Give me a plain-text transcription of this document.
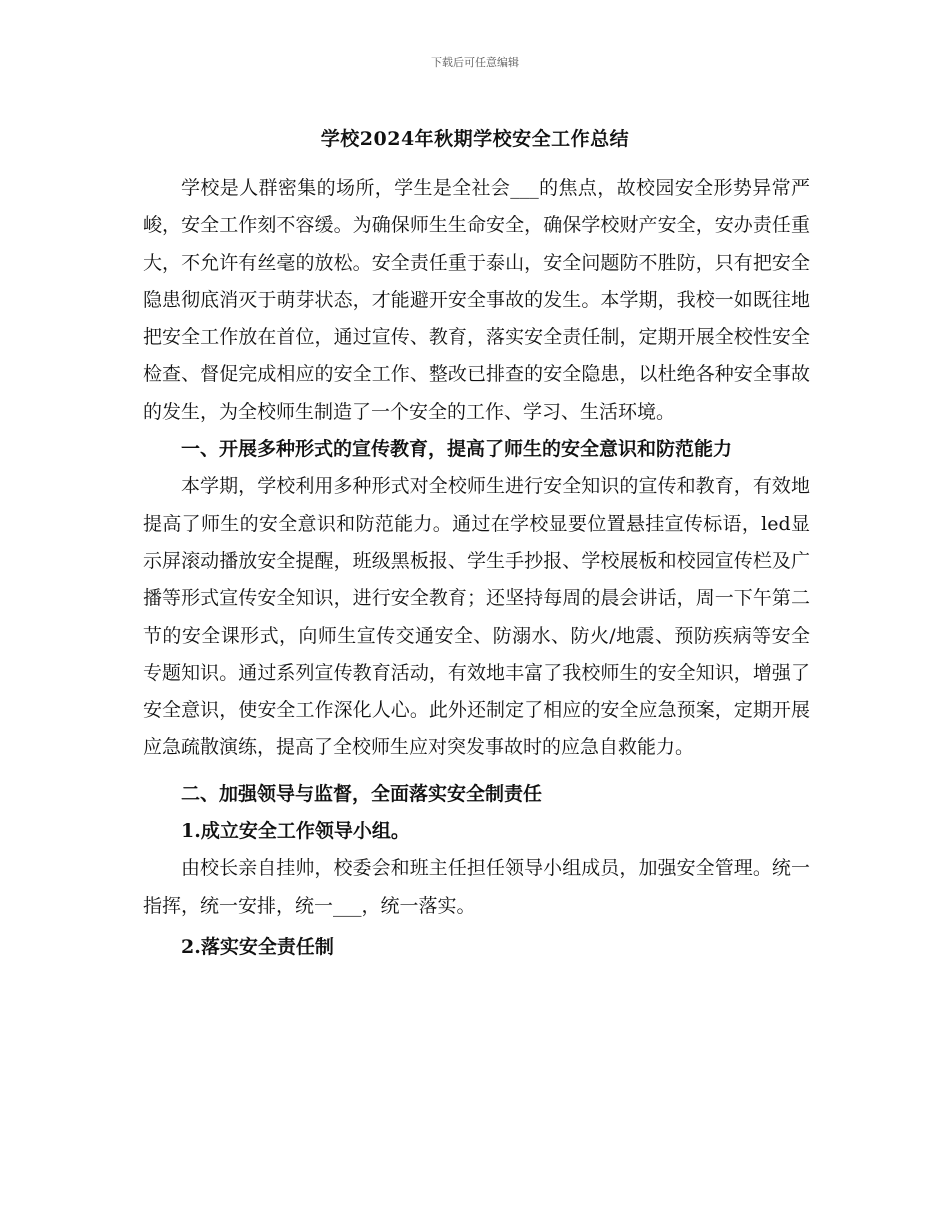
下载后可任意编辑
学校2024年秋期学校安全工作总结

学校是人群密集的场所，学生是全社会___的焦点，故校园安全形势异常严峻，安全工作刻不容缓。为确保师生生命安全，确保学校财产安全，安办责任重大，不允许有丝毫的放松。安全责任重于泰山，安全问题防不胜防，只有把安全隐患彻底消灭于萌芽状态，才能避开安全事故的发生。本学期，我校一如既往地把安全工作放在首位，通过宣传、教育，落实安全责任制，定期开展全校性安全检查、督促完成相应的安全工作、整改已排查的安全隐患，以杜绝各种安全事故的发生，为全校师生制造了一个安全的工作、学习、生活环境。

一、开展多种形式的宣传教育，提高了师生的安全意识和防范能力

本学期，学校利用多种形式对全校师生进行安全知识的宣传和教育，有效地提高了师生的安全意识和防范能力。通过在学校显要位置悬挂宣传标语，led显示屏滚动播放安全提醒，班级黑板报、学生手抄报、学校展板和校园宣传栏及广播等形式宣传安全知识，进行安全教育；还坚持每周的晨会讲话，周一下午第二节的安全课形式，向师生宣传交通安全、防溺水、防火/地震、预防疾病等安全专题知识。通过系列宣传教育活动，有效地丰富了我校师生的安全知识，增强了安全意识，使安全工作深化人心。此外还制定了相应的安全应急预案，定期开展应急疏散演练，提高了全校师生应对突发事故时的应急自救能力。

二、加强领导与监督，全面落实安全制责任

1.成立安全工作领导小组。

由校长亲自挂帅，校委会和班主任担任领导小组成员，加强安全管理。统一指挥，统一安排，统一___，统一落实。

2.落实安全责任制
